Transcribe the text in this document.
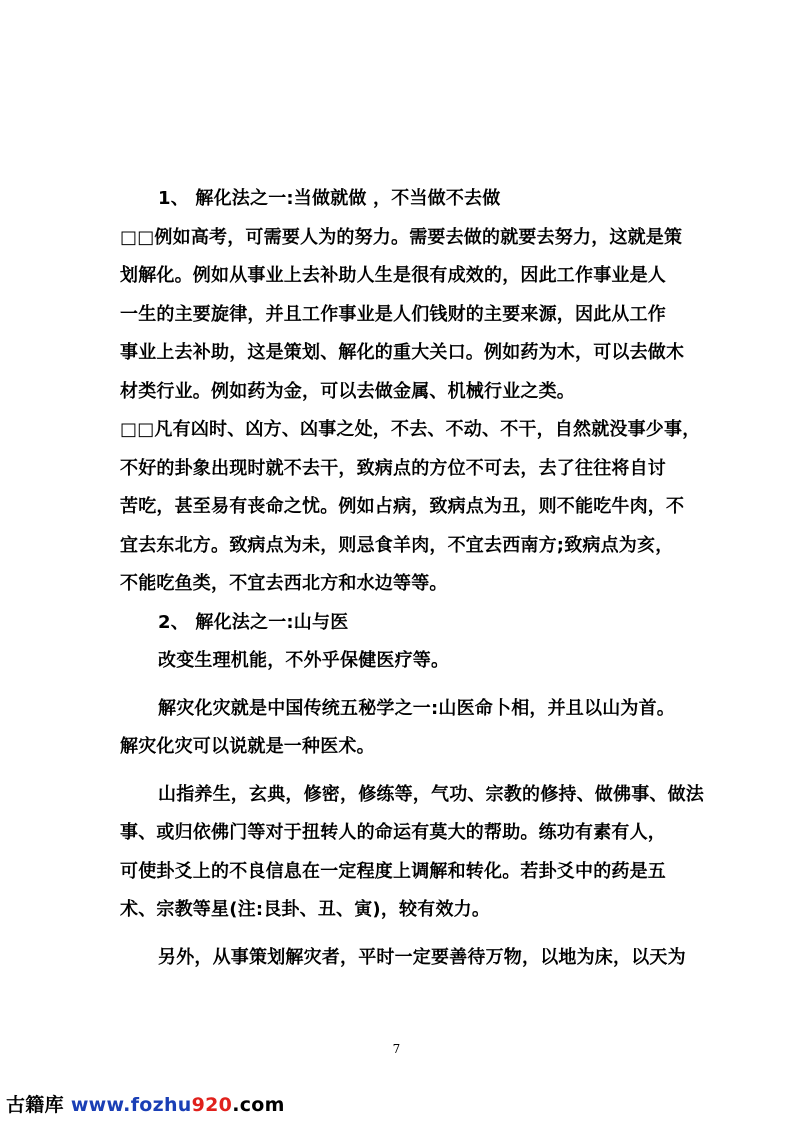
1、 解化法之一:当做就做 ，不当做不去做
□□例如高考，可需要人为的努力。需要去做的就要去努力，这就是策
划解化。例如从事业上去补助人生是很有成效的，因此工作事业是人
一生的主要旋律，并且工作事业是人们钱财的主要来源，因此从工作
事业上去补助，这是策划、解化的重大关口。例如药为木，可以去做木
材类行业。例如药为金，可以去做金属、机械行业之类。
□□凡有凶时、凶方、凶事之处，不去、不动、不干，自然就没事少事，
不好的卦象出现时就不去干，致病点的方位不可去，去了往往将自讨
苦吃，甚至易有丧命之忧。例如占病，致病点为丑，则不能吃牛肉，不
宜去东北方。致病点为未，则忌食羊肉，不宜去西南方;致病点为亥，
不能吃鱼类，不宜去西北方和水边等等。
2、 解化法之一:山与医
改变生理机能，不外乎保健医疗等。
解灾化灾就是中国传统五秘学之一:山医命卜相，并且以山为首。
解灾化灾可以说就是一种医术。
山指养生，玄典，修密，修练等，气功、宗教的修持、做佛事、做法
事、或归依佛门等对于扭转人的命运有莫大的帮助。练功有素有人，
可使卦爻上的不良信息在一定程度上调解和转化。若卦爻中的药是五
术、宗教等星(注:艮卦、丑、寅)，较有效力。
另外，从事策划解灾者，平时一定要善待万物，以地为床，以天为
7
古籍库 www.fozhu920.com
